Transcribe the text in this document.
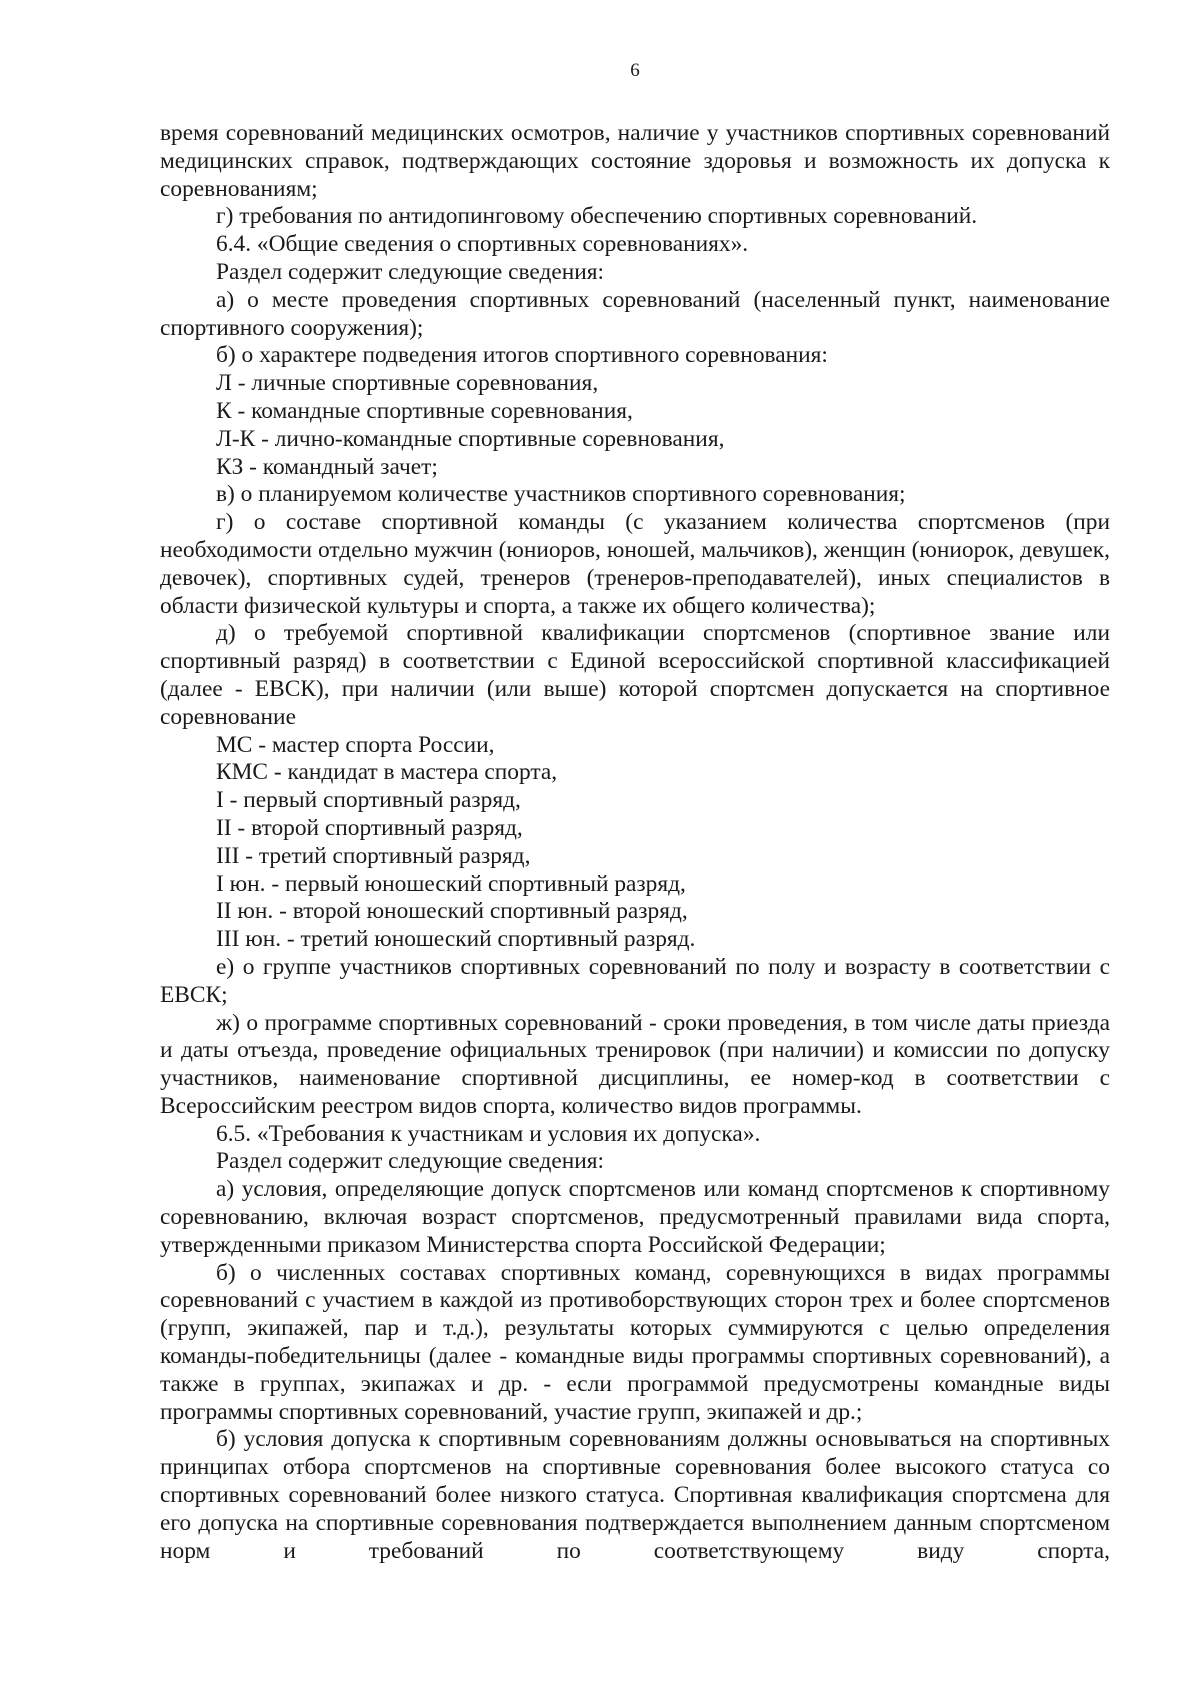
6

время соревнований медицинских осмотров, наличие у участников спортивных соревнований медицинских справок, подтверждающих состояние здоровья и возможность их допуска к соревнованиям;

г) требования по антидопинговому обеспечению спортивных соревнований.

6.4. «Общие сведения о спортивных соревнованиях».

Раздел содержит следующие сведения:

а) о месте проведения спортивных соревнований (населенный пункт, наименование спортивного сооружения);

б) о характере подведения итогов спортивного соревнования:

Л - личные спортивные соревнования,

К - командные спортивные соревнования,

Л-К - лично-командные спортивные соревнования,

КЗ - командный зачет;

в) о планируемом количестве участников спортивного соревнования;

г) о составе спортивной команды (с указанием количества спортсменов (при необходимости отдельно мужчин (юниоров, юношей, мальчиков), женщин (юниорок, девушек, девочек), спортивных судей, тренеров (тренеров-преподавателей), иных специалистов в области физической культуры и спорта, а также их общего количества);

д) о требуемой спортивной квалификации спортсменов (спортивное звание или спортивный разряд) в соответствии с Единой всероссийской спортивной классификацией (далее - ЕВСК), при наличии (или выше) которой спортсмен допускается на спортивное соревнование

МС - мастер спорта России,

КМС - кандидат в мастера спорта,

I - первый спортивный разряд,

II - второй спортивный разряд,

III - третий спортивный разряд,

I юн. - первый юношеский спортивный разряд,

II юн. - второй юношеский спортивный разряд,

III юн. - третий юношеский спортивный разряд.

е) о группе участников спортивных соревнований по полу и возрасту в соответствии с ЕВСК;

ж) о программе спортивных соревнований - сроки проведения, в том числе даты приезда и даты отъезда, проведение официальных тренировок (при наличии) и комиссии по допуску участников, наименование спортивной дисциплины, ее номер-код в соответствии с Всероссийским реестром видов спорта, количество видов программы.

6.5. «Требования к участникам и условия их допуска».

Раздел содержит следующие сведения:

а) условия, определяющие допуск спортсменов или команд спортсменов к спортивному соревнованию, включая возраст спортсменов, предусмотренный правилами вида спорта, утвержденными приказом Министерства спорта Российской Федерации;

б) о численных составах спортивных команд, соревнующихся в видах программы соревнований с участием в каждой из противоборствующих сторон трех и более спортсменов (групп, экипажей, пар и т.д.), результаты которых суммируются с целью определения команды-победительницы (далее - командные виды программы спортивных соревнований), а также в группах, экипажах и др. - если программой предусмотрены командные виды программы спортивных соревнований, участие групп, экипажей и др.;

б) условия допуска к спортивным соревнованиям должны основываться на спортивных принципах отбора спортсменов на спортивные соревнования более высокого статуса со спортивных соревнований более низкого статуса. Спортивная квалификация спортсмена для его допуска на спортивные соревнования подтверждается выполнением данным спортсменом норм и требований по соответствующему виду спорта,
